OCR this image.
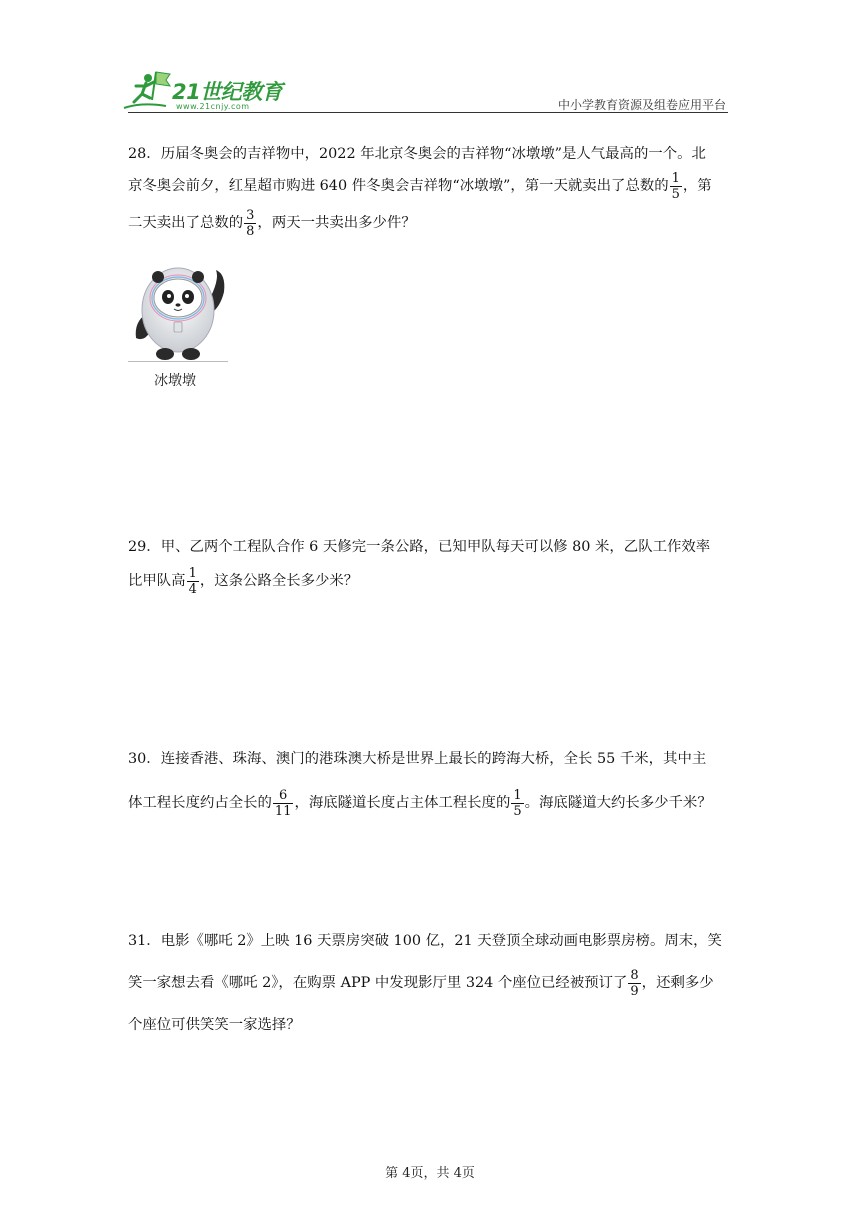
21世纪教育
www.21cnjy.com	中小学教育资源及组卷应用平台
28．历届冬奥会的吉祥物中，2022 年北京冬奥会的吉祥物“冰墩墩”是人气最高的一个。北
京冬奥会前夕，红星超市购进 640 件冬奥会吉祥物“冰墩墩”，第一天就卖出了总数的 $\frac{1}{5}$ ，第
二天卖出了总数的 $\frac{3}{8}$ ，两天一共卖出多少件？
冰墩墩
29．甲、乙两个工程队合作 6 天修完一条公路，已知甲队每天可以修 80 米，乙队工作效率
比甲队高 $\frac{1}{4}$ ，这条公路全长多少米？
30．连接香港、珠海、澳门的港珠澳大桥是世界上最长的跨海大桥，全长 55 千米，其中主
体工程长度约占全长的 $\frac{6}{11}$ ，海底隧道长度占主体工程长度的 $\frac{1}{5}$ 。海底隧道大约长多少千米？
31．电影《哪吒 2》上映 16 天票房突破 100 亿，21 天登顶全球动画电影票房榜。周末，笑
笑一家想去看《哪吒 2》，在购票 APP 中发现影厅里 324 个座位已经被预订了 $\frac{8}{9}$ ，还剩多少
个座位可供笑笑一家选择？
第 4页，共 4页
